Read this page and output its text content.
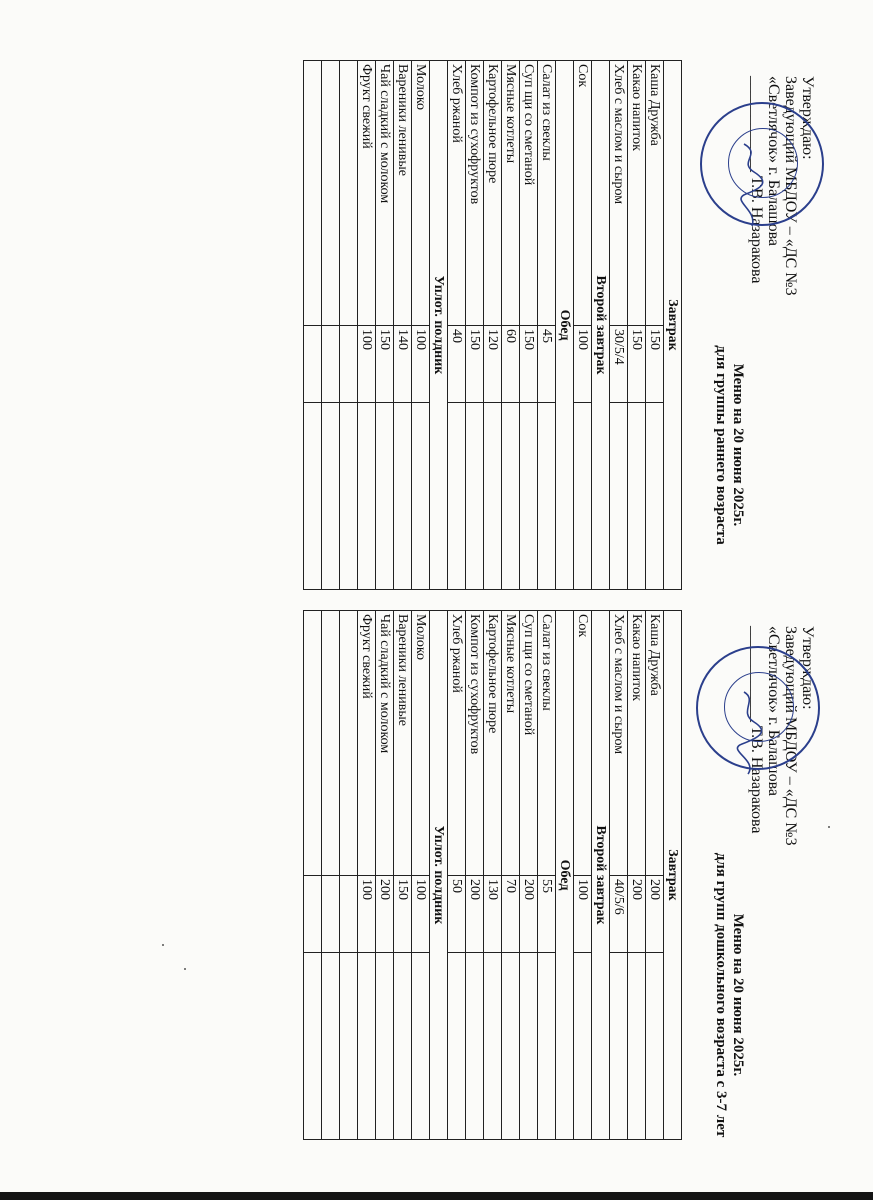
Утверждаю:
Заведующий МБДОУ – «ДС №3
«Светлячок» г. Балашова
____________ Т.В. Назаракова
Меню на 20 июня 2025г.
для группы раннего возраста
Завтрак		
Каша Дружба	150	
Какао напиток	150	
Хлеб с маслом и сыром	30/5/4	
Второй завтрак		
Сок	100	
Обед		
Салат из свеклы	45	
Суп щи со сметаной	150	
Мясные котлеты	60	
Картофельное пюре	120	
Компот из сухофруктов	150	
Хлеб ржаной	40	
Уплот. полдник		
Молоко	100	
Вареники ленивые	140	
Чай сладкий с молоком	150	
Фрукт свежий	100	

Утверждаю:
Заведующий МБДОУ – «ДС №3
«Светлячок» г. Балашова
____________ Т.В. Назаракова
Меню на 20 июня 2025г.
для групп дошкольного возраста с 3-7 лет
Завтрак		
Каша Дружба	200	
Какао напиток	200	
Хлеб с маслом и сыром	40/5/6	
Второй завтрак		
Сок	100	
Обед		
Салат из свеклы	55	
Суп щи со сметаной	200	
Мясные котлеты	70	
Картофельное пюре	130	
Компот из сухофруктов	200	
Хлеб ржаной	50	
Уплот. полдник		
Молоко	100	
Вареники ленивые	150	
Чай сладкий с молоком	200	
Фрукт свежий	100	
